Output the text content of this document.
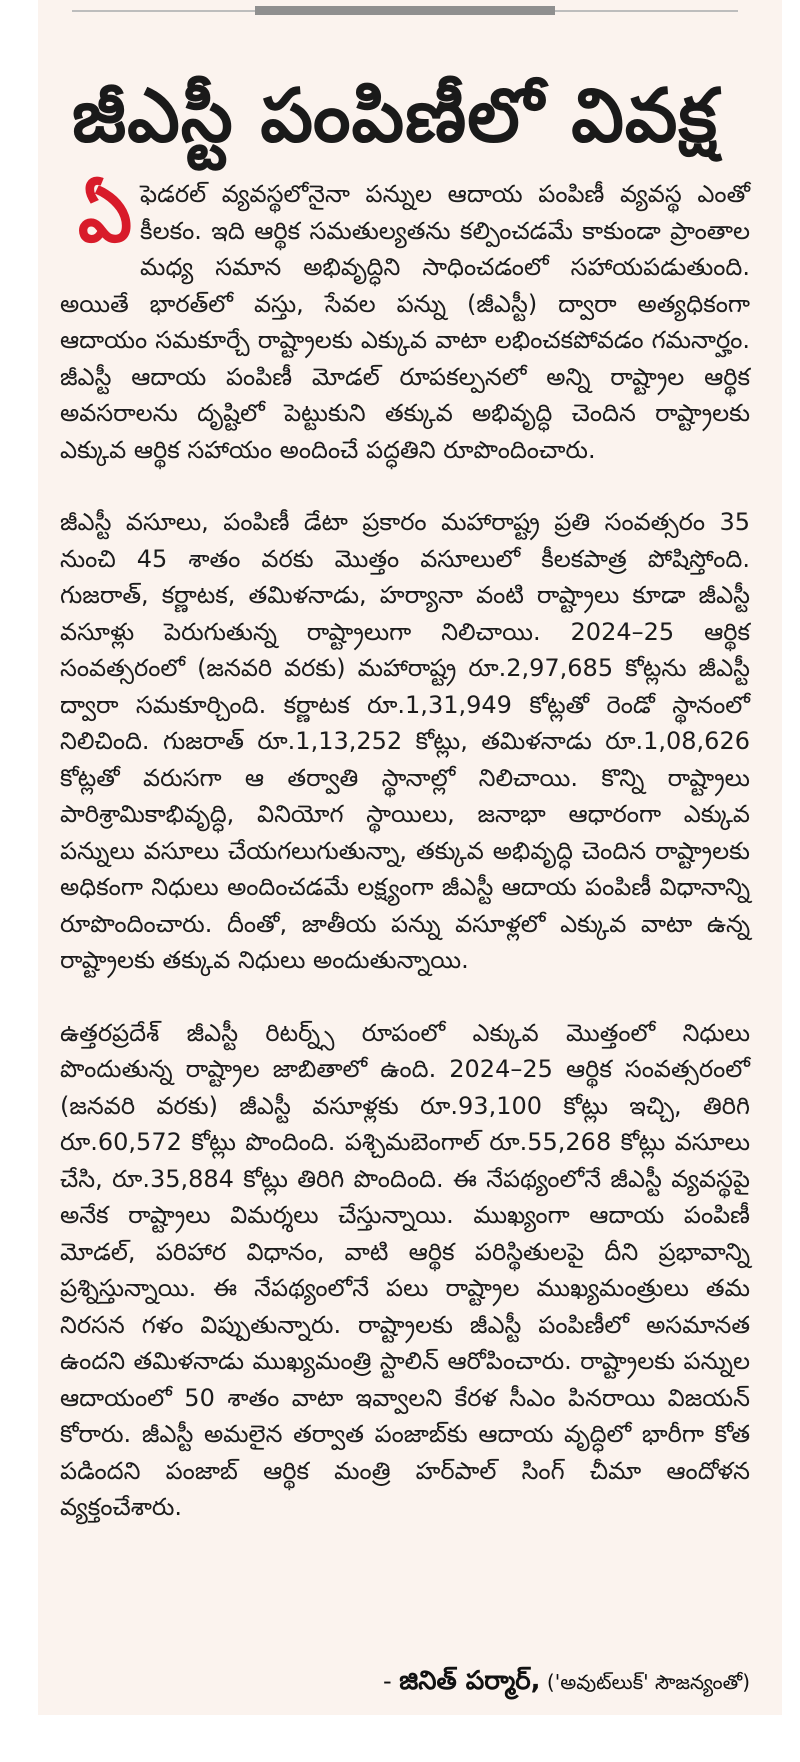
జీఎస్టీ పంపిణీలో వివక్ష

ఏఫెడరల్ వ్యవస్థలోనైనా పన్నుల ఆదాయ పంపిణీ వ్యవస్థ ఎంతో కీలకం. ఇది ఆర్థిక సమతుల్యతను కల్పించడమే కాకుండా ప్రాంతాల మధ్య సమాన అభివృద్ధిని సాధించడంలో సహాయపడుతుంది. అయితే భారత్‌లో వస్తు, సేవల పన్ను (జీఎస్టీ) ద్వారా అత్యధికంగా ఆదాయం సమకూర్చే రాష్ట్రాలకు ఎక్కువ వాటా లభించకపోవడం గమనార్హం. జీఎస్టీ ఆదాయ పంపిణీ మోడల్ రూపకల్పనలో అన్ని రాష్ట్రాల ఆర్థిక అవసరాలను దృష్టిలో పెట్టుకుని తక్కువ అభివృద్ధి చెందిన రాష్ట్రాలకు ఎక్కువ ఆర్థిక సహాయం అందించే పద్ధతిని రూపొందించారు.

జీఎస్టీ వసూలు, పంపిణీ డేటా ప్రకారం మహారాష్ట్ర ప్రతి సంవత్సరం 35 నుంచి 45 శాతం వరకు మొత్తం వసూలులో కీలకపాత్ర పోషిస్తోంది. గుజరాత్, కర్ణాటక, తమిళనాడు, హర్యానా వంటి రాష్ట్రాలు కూడా జీఎస్టీ వసూళ్లు పెరుగుతున్న రాష్ట్రాలుగా నిలిచాయి. 2024–25 ఆర్థిక సంవత్సరంలో (జనవరి వరకు) మహారాష్ట్ర రూ.2,97,685 కోట్లను జీఎస్టీ ద్వారా సమకూర్చింది. కర్ణాటక రూ.1,31,949 కోట్లతో రెండో స్థానంలో నిలిచింది. గుజరాత్ రూ.1,13,252 కోట్లు, తమిళనాడు రూ.1,08,626 కోట్లతో వరుసగా ఆ తర్వాతి స్థానాల్లో నిలిచాయి. కొన్ని రాష్ట్రాలు పారిశ్రామికాభివృద్ధి, వినియోగ స్థాయిలు, జనాభా ఆధారంగా ఎక్కువ పన్నులు వసూలు చేయగలుగుతున్నా, తక్కువ అభివృద్ధి చెందిన రాష్ట్రాలకు అధికంగా నిధులు అందించడమే లక్ష్యంగా జీఎస్టీ ఆదాయ పంపిణీ విధానాన్ని రూపొందించారు. దీంతో, జాతీయ పన్ను వసూళ్లలో ఎక్కువ వాటా ఉన్న రాష్ట్రాలకు తక్కువ నిధులు అందుతున్నాయి.

ఉత్తరప్రదేశ్ జీఎస్టీ రిటర్న్స్ రూపంలో ఎక్కువ మొత్తంలో నిధులు పొందుతున్న రాష్ట్రాల జాబితాలో ఉంది. 2024–25 ఆర్థిక సంవత్సరంలో (జనవరి వరకు) జీఎస్టీ వసూళ్లకు రూ.93,100 కోట్లు ఇచ్చి, తిరిగి రూ.60,572 కోట్లు పొందింది. పశ్చిమబెంగాల్ రూ.55,268 కోట్లు వసూలు చేసి, రూ.35,884 కోట్లు తిరిగి పొందింది. ఈ నేపథ్యంలోనే జీఎస్టీ వ్యవస్థపై అనేక రాష్ట్రాలు విమర్శలు చేస్తున్నాయి. ముఖ్యంగా ఆదాయ పంపిణీ మోడల్, పరిహార విధానం, వాటి ఆర్థిక పరిస్థితులపై దీని ప్రభావాన్ని ప్రశ్నిస్తున్నాయి. ఈ నేపథ్యంలోనే పలు రాష్ట్రాల ముఖ్యమంత్రులు తమ నిరసన గళం విప్పుతున్నారు. రాష్ట్రాలకు జీఎస్టీ పంపిణీలో అసమానత ఉందని తమిళనాడు ముఖ్యమంత్రి స్టాలిన్ ఆరోపించారు. రాష్ట్రాలకు పన్నుల ఆదాయంలో 50 శాతం వాటా ఇవ్వాలని కేరళ సీఎం పినరాయి విజయన్ కోరారు. జీఎస్టీ అమలైన తర్వాత పంజాబ్‌కు ఆదాయ వృద్ధిలో భారీగా కోత పడిందని పంజాబ్ ఆర్థిక మంత్రి హర్‌పాల్ సింగ్ చీమా ఆందోళన వ్యక్తంచేశారు.

- జినిత్ పర్మార్, ('అవుట్‌లుక్' సౌజన్యంతో)
